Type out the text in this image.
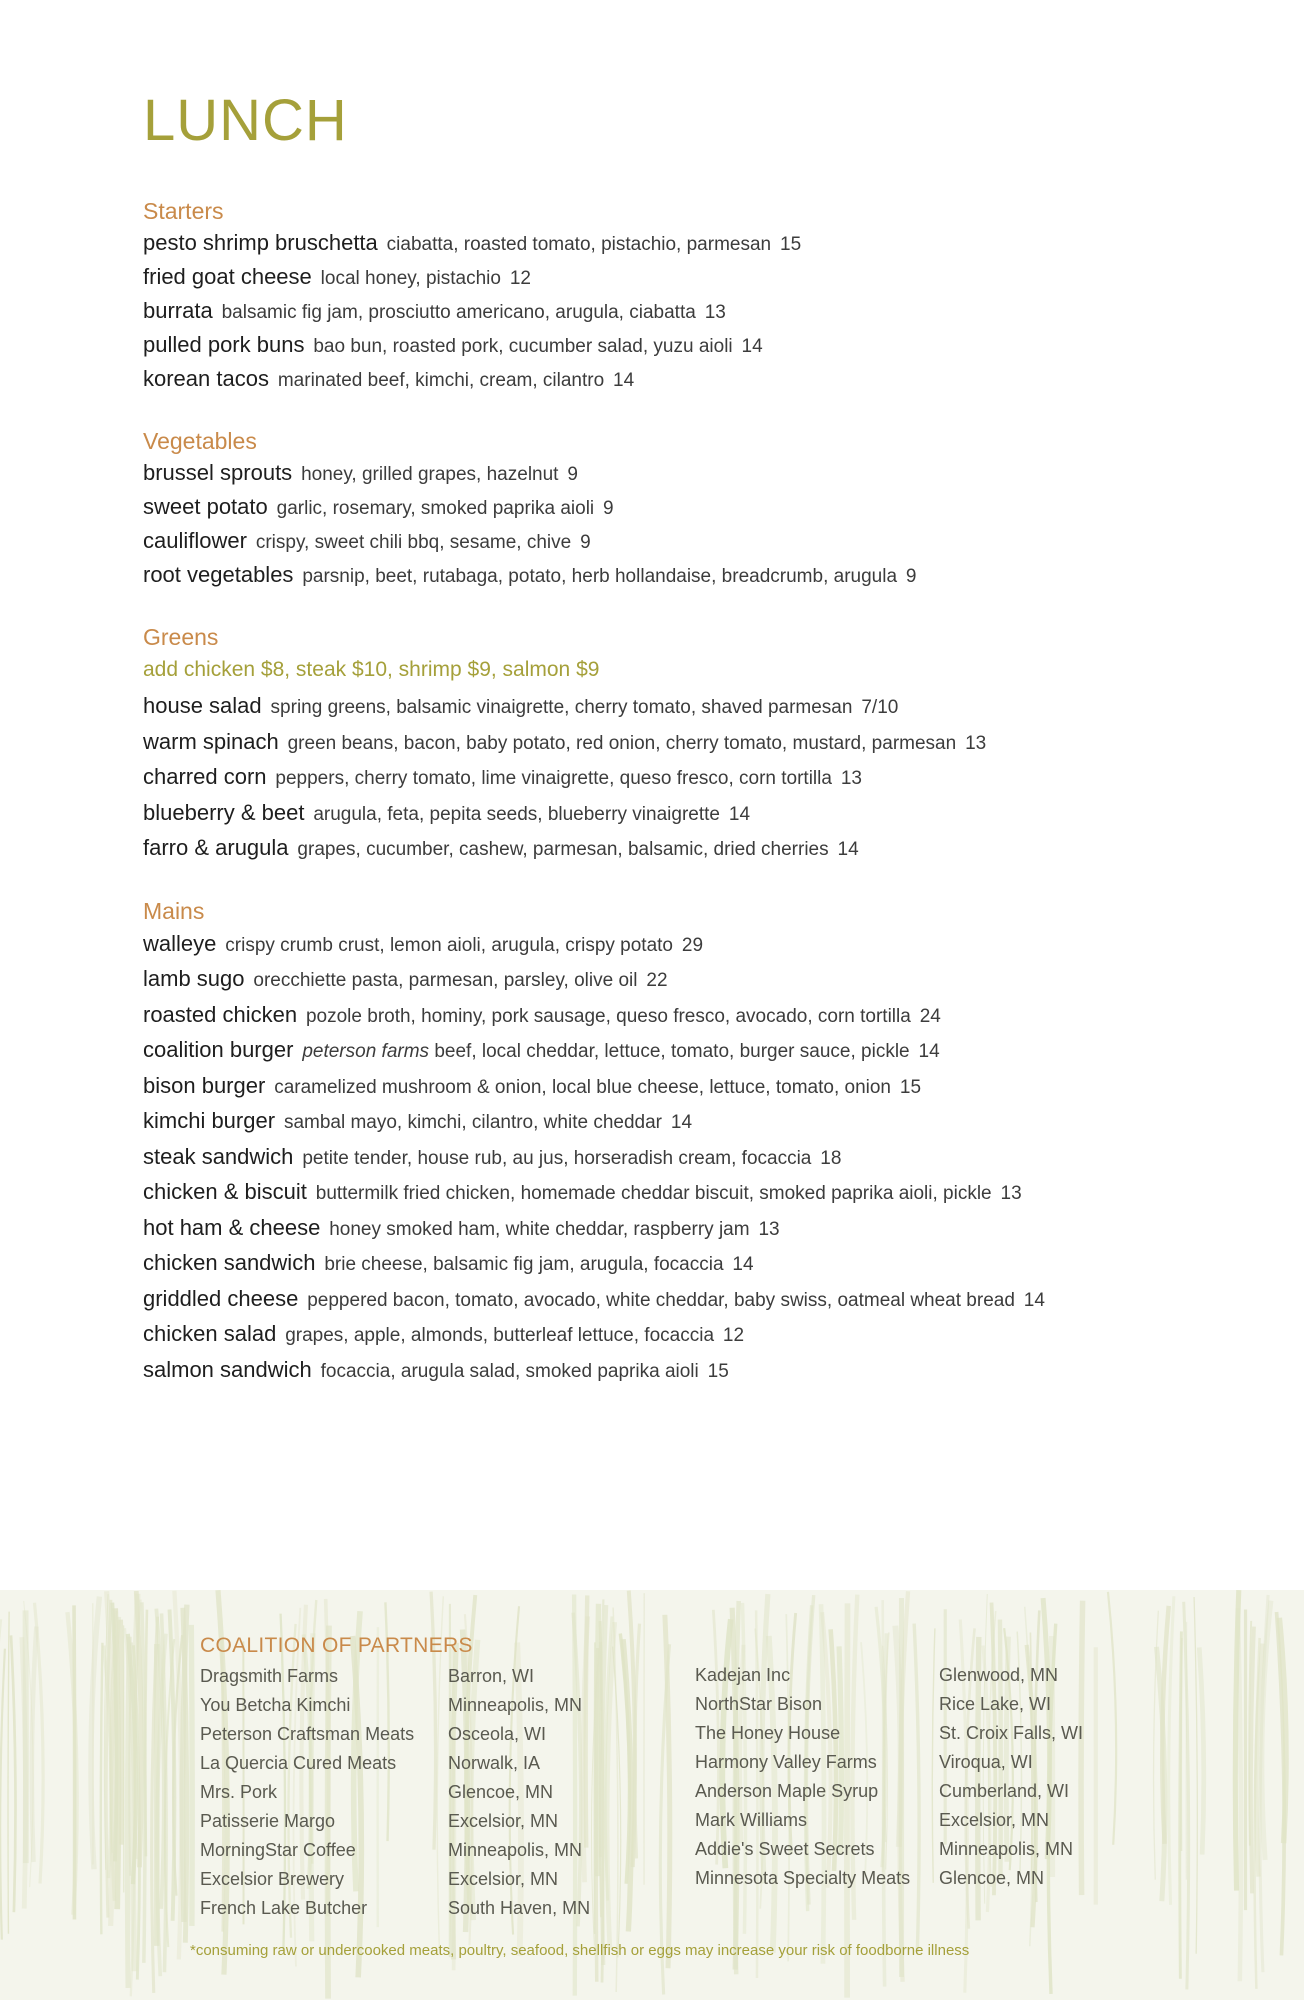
LUNCH
Starters
pesto shrimp bruschetta ciabatta, roasted tomato, pistachio, parmesan 15
fried goat cheese local honey, pistachio 12
burrata balsamic fig jam, prosciutto americano, arugula, ciabatta 13
pulled pork buns bao bun, roasted pork, cucumber salad, yuzu aioli 14
korean tacos marinated beef, kimchi, cream, cilantro 14
Vegetables
brussel sprouts honey, grilled grapes, hazelnut 9
sweet potato garlic, rosemary, smoked paprika aioli 9
cauliflower crispy, sweet chili bbq, sesame, chive 9
root vegetables parsnip, beet, rutabaga, potato, herb hollandaise, breadcrumb, arugula 9
Greens
add chicken $8, steak $10, shrimp $9, salmon $9
house salad spring greens, balsamic vinaigrette, cherry tomato, shaved parmesan 7/10
warm spinach green beans, bacon, baby potato, red onion, cherry tomato, mustard, parmesan 13
charred corn peppers, cherry tomato, lime vinaigrette, queso fresco, corn tortilla 13
blueberry & beet arugula, feta, pepita seeds, blueberry vinaigrette 14
farro & arugula grapes, cucumber, cashew, parmesan, balsamic, dried cherries 14
Mains
walleye crispy crumb crust, lemon aioli, arugula, crispy potato 29
lamb sugo orecchiette pasta, parmesan, parsley, olive oil 22
roasted chicken pozole broth, hominy, pork sausage, queso fresco, avocado, corn tortilla 24
coalition burger peterson farms beef, local cheddar, lettuce, tomato, burger sauce, pickle 14
bison burger caramelized mushroom & onion, local blue cheese, lettuce, tomato, onion 15
kimchi burger sambal mayo, kimchi, cilantro, white cheddar 14
steak sandwich petite tender, house rub, au jus, horseradish cream, focaccia 18
chicken & biscuit buttermilk fried chicken, homemade cheddar biscuit, smoked paprika aioli, pickle 13
hot ham & cheese honey smoked ham, white cheddar, raspberry jam 13
chicken sandwich brie cheese, balsamic fig jam, arugula, focaccia 14
griddled cheese peppered bacon, tomato, avocado, white cheddar, baby swiss, oatmeal wheat bread 14
chicken salad grapes, apple, almonds, butterleaf lettuce, focaccia 12
salmon sandwich focaccia, arugula salad, smoked paprika aioli 15
COALITION OF PARTNERS
Dragsmith Farms
You Betcha Kimchi
Peterson Craftsman Meats
La Quercia Cured Meats
Mrs. Pork
Patisserie Margo
MorningStar Coffee
Excelsior Brewery
French Lake Butcher
Barron, WI
Minneapolis, MN
Osceola, WI
Norwalk, IA
Glencoe, MN
Excelsior, MN
Minneapolis, MN
Excelsior, MN
South Haven, MN
Kadejan Inc
NorthStar Bison
The Honey House
Harmony Valley Farms
Anderson Maple Syrup
Mark Williams
Addie's Sweet Secrets
Minnesota Specialty Meats
Glenwood, MN
Rice Lake, WI
St. Croix Falls, WI
Viroqua, WI
Cumberland, WI
Excelsior, MN
Minneapolis, MN
Glencoe, MN
*consuming raw or undercooked meats, poultry, seafood, shellfish or eggs may increase your risk of foodborne illness
